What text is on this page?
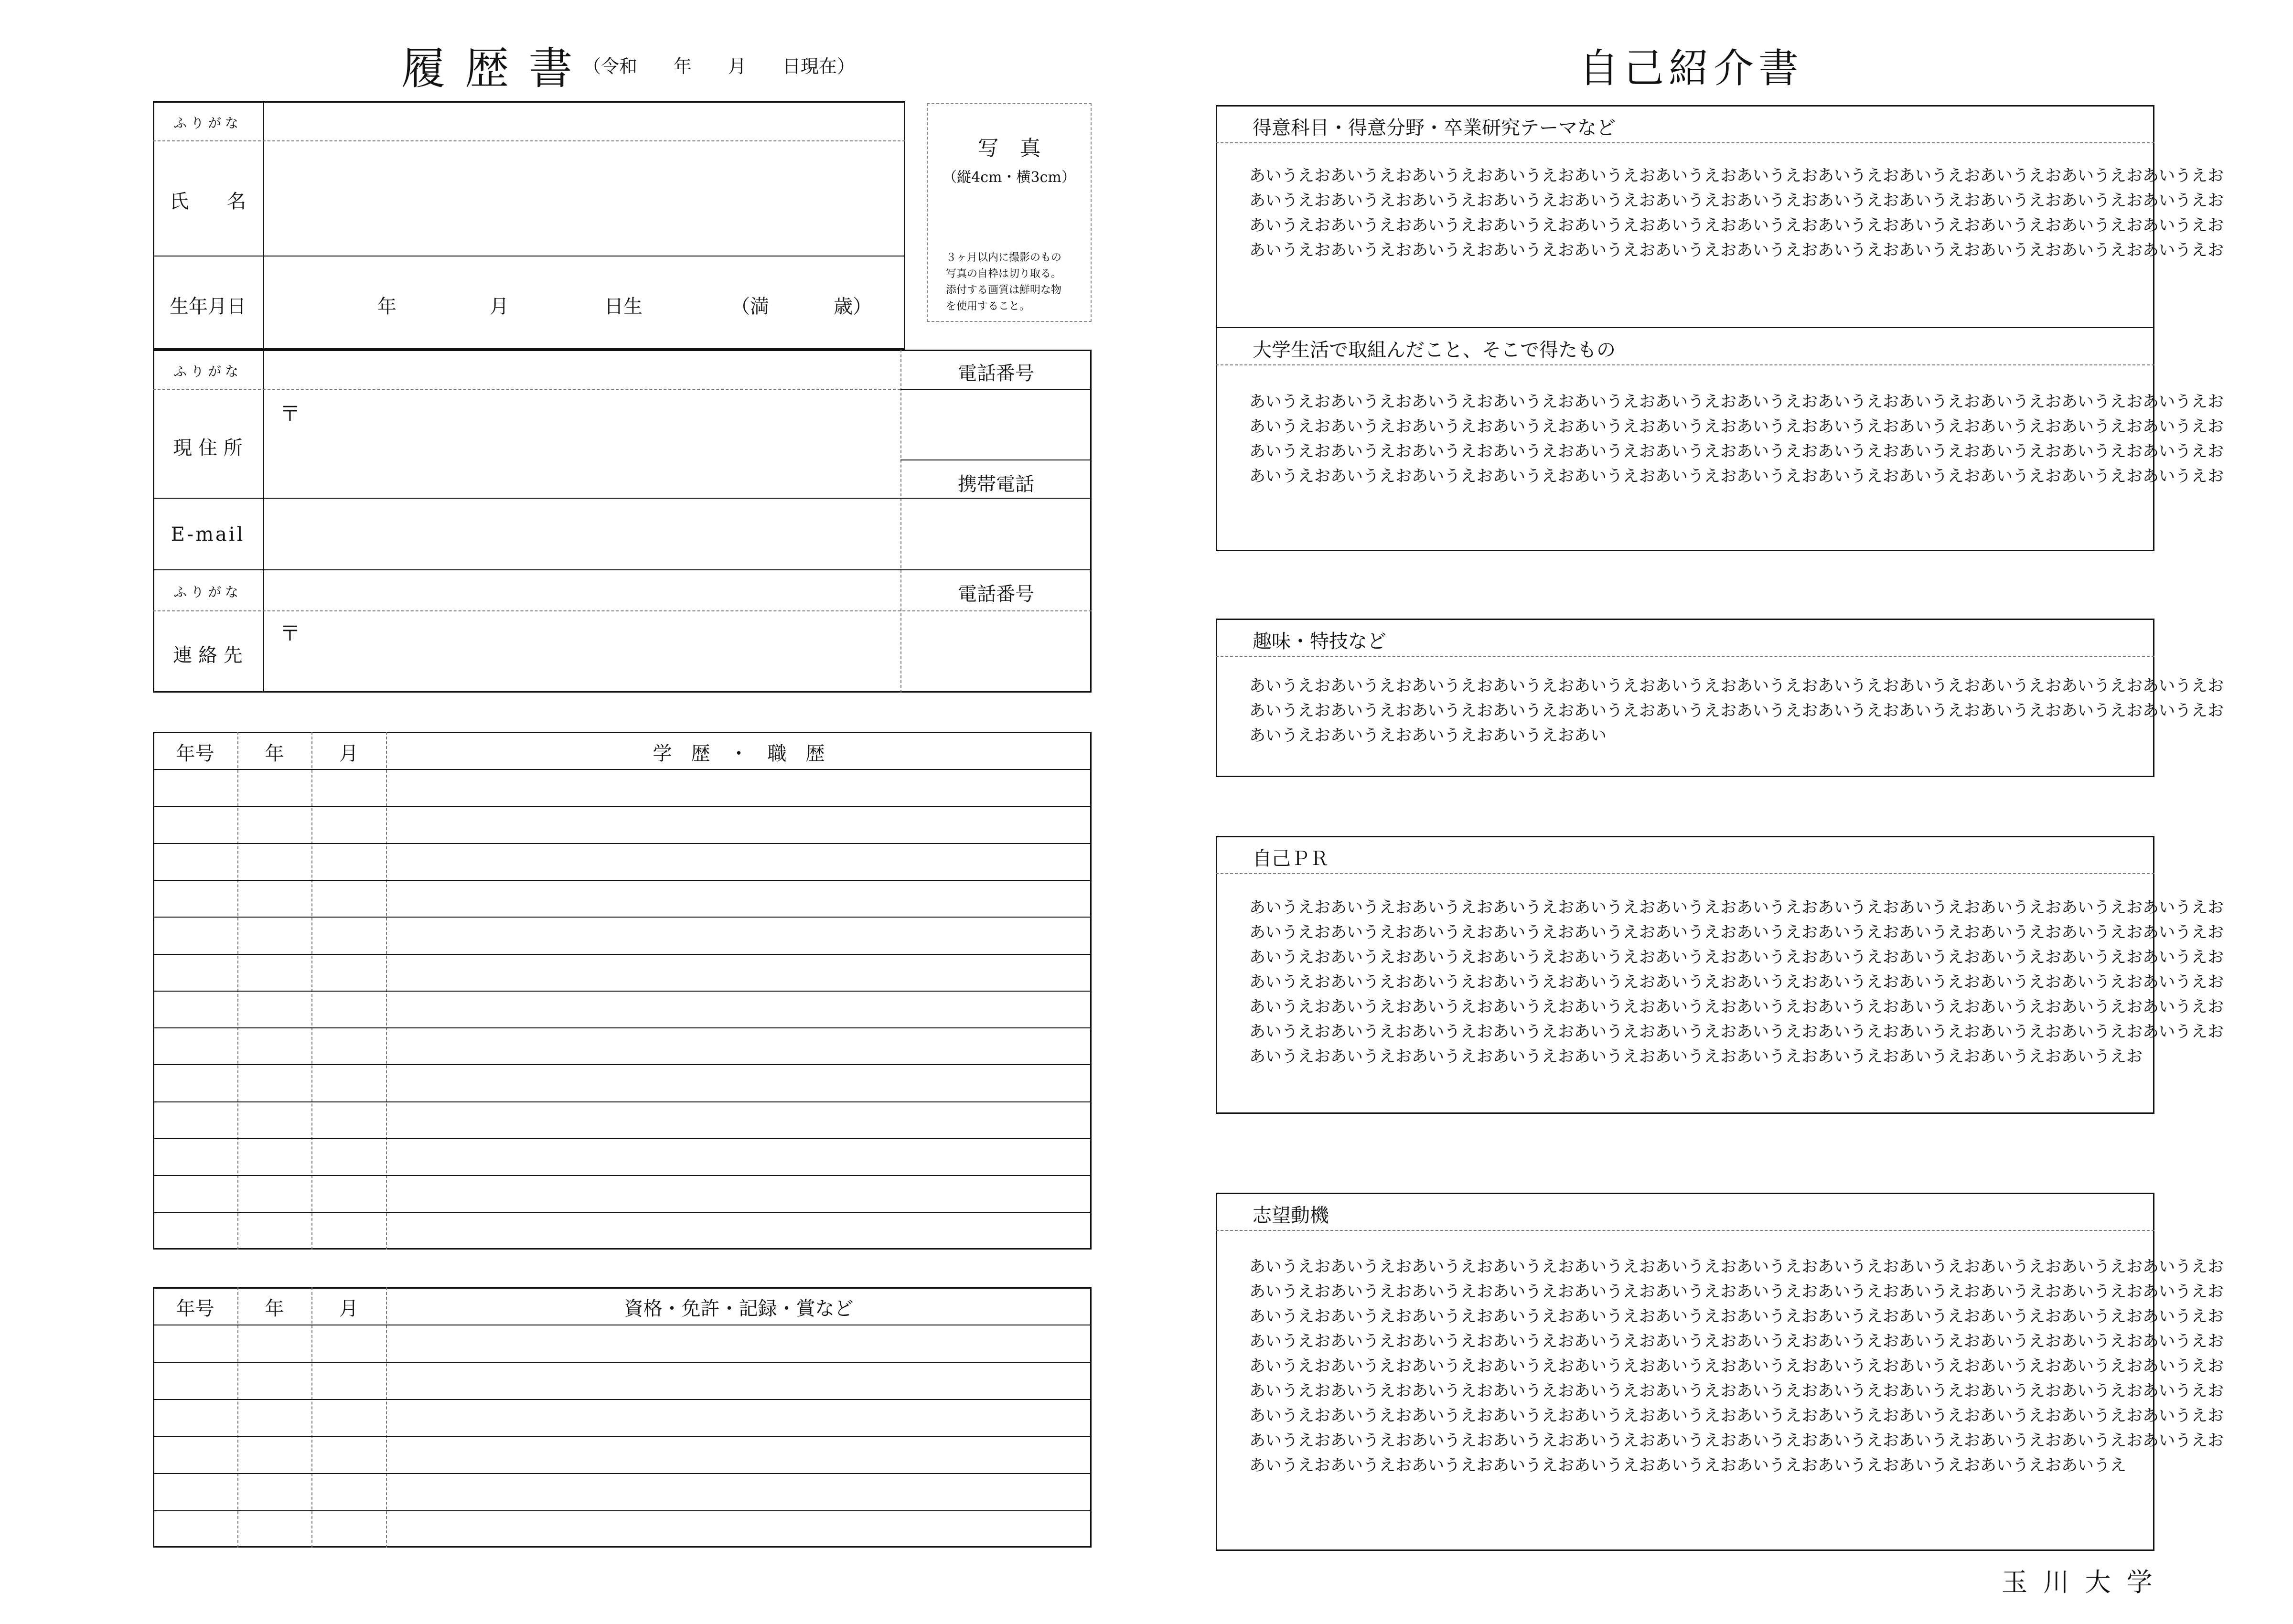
履 歴 書 （令和　　年　　月　　日現在）
ふりがな
氏　　名
生年月日	年	月	日生	（満	歳）
写　真
（縦4cm・横3cm）
３ヶ月以内に撮影のもの
写真の自枠は切り取る。
添付する画質は鮮明な物
を使用すること。
ふりがな	電話番号
現 住 所
〒
携帯電話
E-mail
ふりがな	電話番号
連 絡 先
〒
年号	年	月	学　歴　・　職　歴
年号	年	月	資格・免許・記録・賞など
自己紹介書
得意科目・得意分野・卒業研究テーマなど
あいうえおあいうえおあいうえおあいうえおあいうえおあいうえおあいうえおあいうえおあいうえおあいうえおあいうえおあいうえお
あいうえおあいうえおあいうえおあいうえおあいうえおあいうえおあいうえおあいうえおあいうえおあいうえおあいうえおあいうえお
あいうえおあいうえおあいうえおあいうえおあいうえおあいうえおあいうえおあいうえおあいうえおあいうえおあいうえおあいうえお
あいうえおあいうえおあいうえおあいうえおあいうえおあいうえおあいうえおあいうえおあいうえおあいうえおあいうえおあいうえお
大学生活で取組んだこと、そこで得たもの
あいうえおあいうえおあいうえおあいうえおあいうえおあいうえおあいうえおあいうえおあいうえおあいうえおあいうえおあいうえお
あいうえおあいうえおあいうえおあいうえおあいうえおあいうえおあいうえおあいうえおあいうえおあいうえおあいうえおあいうえお
あいうえおあいうえおあいうえおあいうえおあいうえおあいうえおあいうえおあいうえおあいうえおあいうえおあいうえおあいうえお
あいうえおあいうえおあいうえおあいうえおあいうえおあいうえおあいうえおあいうえおあいうえおあいうえおあいうえおあいうえお
趣味・特技など
あいうえおあいうえおあいうえおあいうえおあいうえおあいうえおあいうえおあいうえおあいうえおあいうえおあいうえおあいうえお
あいうえおあいうえおあいうえおあいうえおあいうえおあいうえおあいうえおあいうえおあいうえおあいうえおあいうえおあいうえお
あいうえおあいうえおあいうえおあいうえおあい
自己ＰＲ
あいうえおあいうえおあいうえおあいうえおあいうえおあいうえおあいうえおあいうえおあいうえおあいうえおあいうえおあいうえお
あいうえおあいうえおあいうえおあいうえおあいうえおあいうえおあいうえおあいうえおあいうえおあいうえおあいうえおあいうえお
あいうえおあいうえおあいうえおあいうえおあいうえおあいうえおあいうえおあいうえおあいうえおあいうえおあいうえおあいうえお
あいうえおあいうえおあいうえおあいうえおあいうえおあいうえおあいうえおあいうえおあいうえおあいうえおあいうえおあいうえお
あいうえおあいうえおあいうえおあいうえおあいうえおあいうえおあいうえおあいうえおあいうえおあいうえおあいうえおあいうえお
あいうえおあいうえおあいうえおあいうえおあいうえおあいうえおあいうえおあいうえおあいうえおあいうえおあいうえおあいうえお
あいうえおあいうえおあいうえおあいうえおあいうえおあいうえおあいうえおあいうえおあいうえおあいうえおあいうえお
志望動機
あいうえおあいうえおあいうえおあいうえおあいうえおあいうえおあいうえおあいうえおあいうえおあいうえおあいうえおあいうえお
あいうえおあいうえおあいうえおあいうえおあいうえおあいうえおあいうえおあいうえおあいうえおあいうえおあいうえおあいうえお
あいうえおあいうえおあいうえおあいうえおあいうえおあいうえおあいうえおあいうえおあいうえおあいうえおあいうえおあいうえお
あいうえおあいうえおあいうえおあいうえおあいうえおあいうえおあいうえおあいうえおあいうえおあいうえおあいうえおあいうえお
あいうえおあいうえおあいうえおあいうえおあいうえおあいうえおあいうえおあいうえおあいうえおあいうえおあいうえおあいうえお
あいうえおあいうえおあいうえおあいうえおあいうえおあいうえおあいうえおあいうえおあいうえおあいうえおあいうえおあいうえお
あいうえおあいうえおあいうえおあいうえおあいうえおあいうえおあいうえおあいうえおあいうえおあいうえおあいうえおあいうえお
あいうえおあいうえおあいうえおあいうえおあいうえおあいうえおあいうえおあいうえおあいうえおあいうえおあいうえおあいうえお
あいうえおあいうえおあいうえおあいうえおあいうえおあいうえおあいうえおあいうえおあいうえおあいうえおあいうえ
玉 川 大 学
